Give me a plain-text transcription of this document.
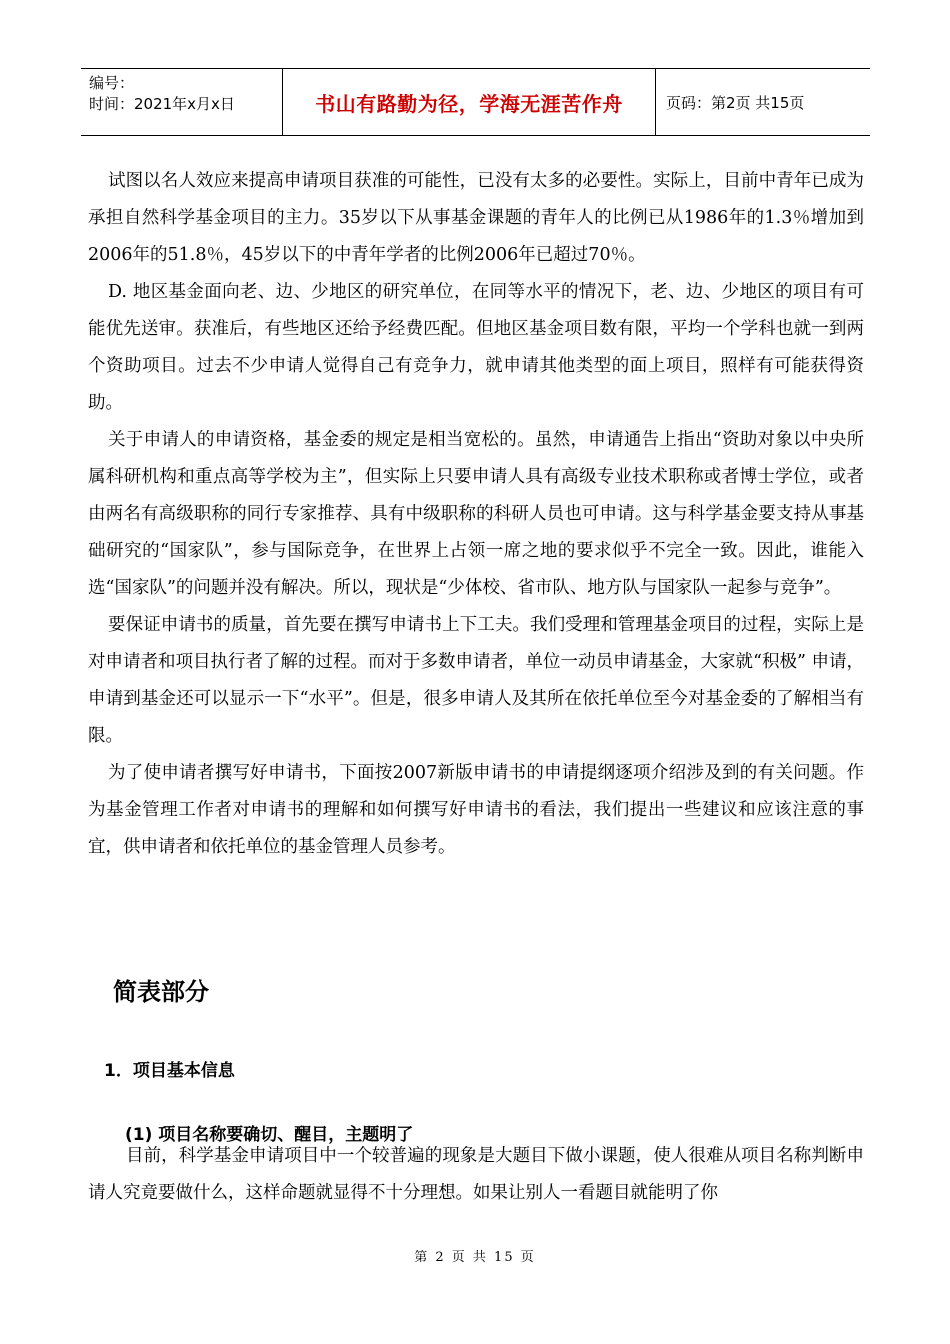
编号：
时间：2021年x月x日	书山有路勤为径，学海无涯苦作舟	页码：第2页 共15页

试图以名人效应来提高申请项目获准的可能性，已没有太多的必要性。实际上，目前中青年已成为承担自然科学基金项目的主力。35岁以下从事基金课题的青年人的比例已从1986年的1.3％增加到2006年的51.8％，45岁以下的中青年学者的比例2006年已超过70％。

D. 地区基金面向老、边、少地区的研究单位，在同等水平的情况下，老、边、少地区的项目有可能优先送审。获准后，有些地区还给予经费匹配。但地区基金项目数有限，平均一个学科也就一到两个资助项目。过去不少申请人觉得自己有竞争力，就申请其他类型的面上项目，照样有可能获得资助。

关于申请人的申请资格，基金委的规定是相当宽松的。虽然，申请通告上指出“资助对象以中央所属科研机构和重点高等学校为主”，但实际上只要申请人具有高级专业技术职称或者博士学位，或者由两名有高级职称的同行专家推荐、具有中级职称的科研人员也可申请。这与科学基金要支持从事基础研究的“国家队”，参与国际竞争，在世界上占领一席之地的要求似乎不完全一致。因此，谁能入选“国家队”的问题并没有解决。所以，现状是“少体校、省市队、地方队与国家队一起参与竞争”。

要保证申请书的质量，首先要在撰写申请书上下工夫。我们受理和管理基金项目的过程，实际上是对申请者和项目执行者了解的过程。而对于多数申请者，单位一动员申请基金，大家就“积极” 申请，申请到基金还可以显示一下“水平”。但是，很多申请人及其所在依托单位至今对基金委的了解相当有限。

为了使申请者撰写好申请书，下面按2007新版申请书的申请提纲逐项介绍涉及到的有关问题。作为基金管理工作者对申请书的理解和如何撰写好申请书的看法，我们提出一些建议和应该注意的事宜，供申请者和依托单位的基金管理人员参考。

简表部分
1．项目基本信息
(1) 项目名称要确切、醒目，主题明了

目前，科学基金申请项目中一个较普遍的现象是大题目下做小课题，使人很难从项目名称判断申请人究竟要做什么，这样命题就显得不十分理想。如果让别人一看题目就能明了你

第 2 页 共 15 页
